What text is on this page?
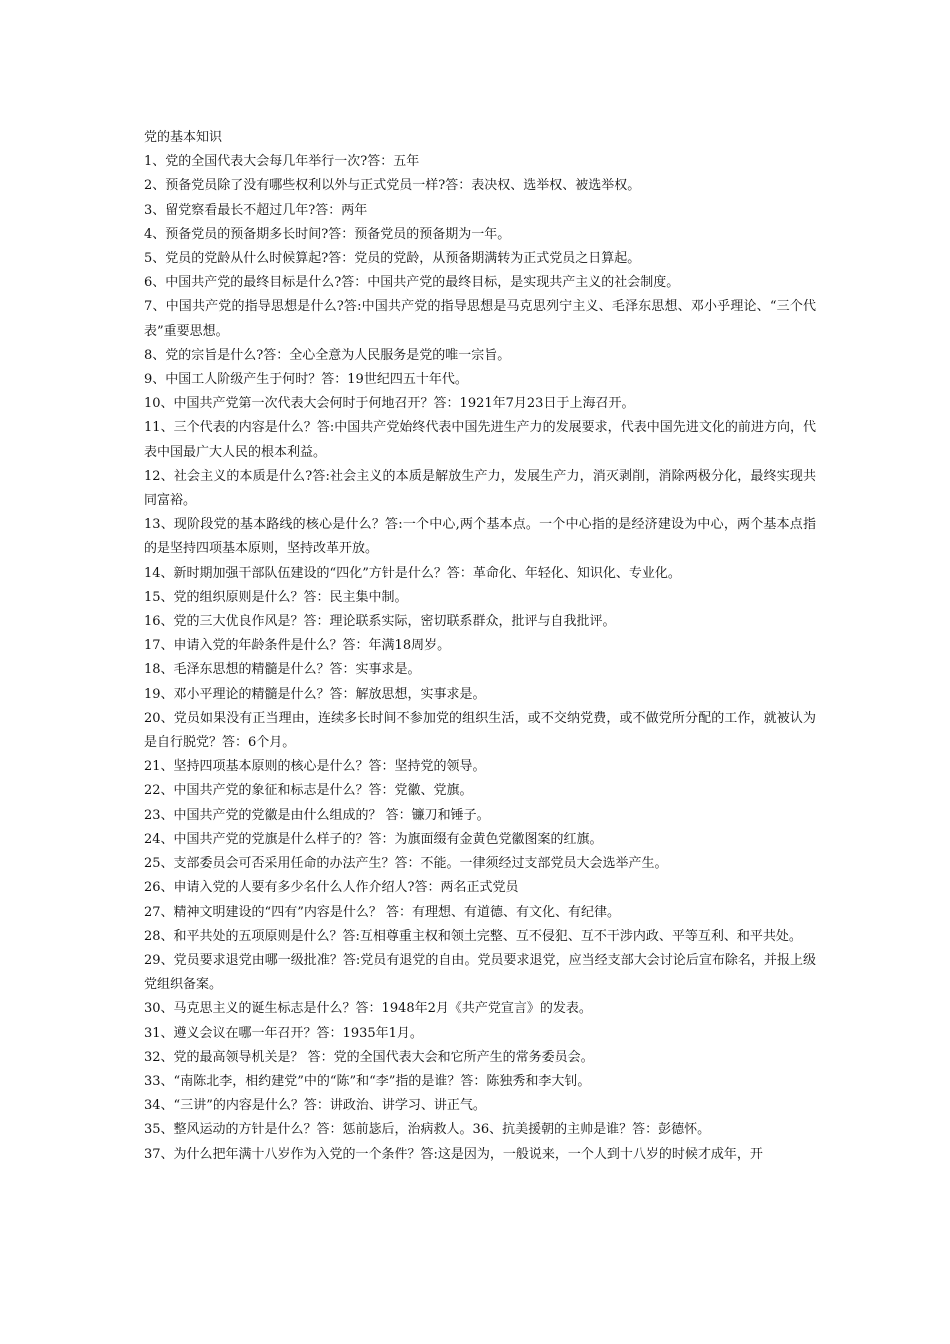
党的基本知识

1、党的全国代表大会每几年举行一次?答：五年

2、预备党员除了没有哪些权利以外与正式党员一样?答：表决权、选举权、被选举权。

3、留党察看最长不超过几年?答：两年

4、预备党员的预备期多长时间?答：预备党员的预备期为一年。

5、党员的党龄从什么时候算起?答：党员的党龄，从预备期满转为正式党员之日算起。

6、中国共产党的最终目标是什么?答：中国共产党的最终目标，是实现共产主义的社会制度。

7、中国共产党的指导思想是什么?答:中国共产党的指导思想是马克思列宁主义、毛泽东思想、邓小乎理论、“三个代表”重要思想。

8、党的宗旨是什么?答：全心全意为人民服务是党的唯一宗旨。

9、中国工人阶级产生于何时？答：19世纪四五十年代。

10、中国共产党第一次代表大会何时于何地召开？答：1921年7月23日于上海召开。

11、三个代表的内容是什么？答:中国共产党始终代表中国先进生产力的发展要求，代表中国先进文化的前进方向，代表中国最广大人民的根本利益。

12、社会主义的本质是什么?答:社会主义的本质是解放生产力，发展生产力，消灭剥削，消除两极分化，最终实现共同富裕。

13、现阶段党的基本路线的核心是什么？答:一个中心,两个基本点。一个中心指的是经济建设为中心，两个基本点指的是坚持四项基本原则，坚持改革开放。

14、新时期加强干部队伍建设的“四化”方针是什么？答：革命化、年轻化、知识化、专业化。

15、党的组织原则是什么？答：民主集中制。

16、党的三大优良作风是？答：理论联系实际，密切联系群众，批评与自我批评。

17、申请入党的年龄条件是什么？答：年满18周岁。

18、毛泽东思想的精髓是什么？答：实事求是。

19、邓小平理论的精髓是什么？答：解放思想，实事求是。

20、党员如果没有正当理由，连续多长时间不参加党的组织生活，或不交纳党费，或不做党所分配的工作，就被认为是自行脱党？答：6个月。

21、坚持四项基本原则的核心是什么？答：坚持党的领导。

22、中国共产党的象征和标志是什么？答：党徽、党旗。

23、中国共产党的党徽是由什么组成的？ 答：镰刀和锤子。

24、中国共产党的党旗是什么样子的？答：为旗面缀有金黄色党徽图案的红旗。

25、支部委员会可否采用任命的办法产生？答：不能。一律须经过支部党员大会选举产生。

26、申请入党的人要有多少名什么人作介绍人?答：两名正式党员

27、精神文明建设的“四有”内容是什么？ 答：有理想、有道德、有文化、有纪律。

28、和平共处的五项原则是什么？答:互相尊重主权和领土完整、互不侵犯、互不干涉内政、平等互利、和平共处。

29、党员要求退党由哪一级批准？答:党员有退党的自由。党员要求退党，应当经支部大会讨论后宣布除名，并报上级党组织备案。

30、马克思主义的诞生标志是什么？答：1948年2月《共产党宣言》的发表。

31、遵义会议在哪一年召开？答：1935年1月。

32、党的最高领导机关是？ 答：党的全国代表大会和它所产生的常务委员会。

33、“南陈北李，相约建党”中的“陈”和“李”指的是谁？答：陈独秀和李大钊。

34、“三讲”的内容是什么？答：讲政治、讲学习、讲正气。

35、整风运动的方针是什么？答：惩前毖后，治病救人。36、抗美援朝的主帅是谁？答：彭德怀。

37、为什么把年满十八岁作为入党的一个条件？答:这是因为，一般说来，一个人到十八岁的时候才成年，开
